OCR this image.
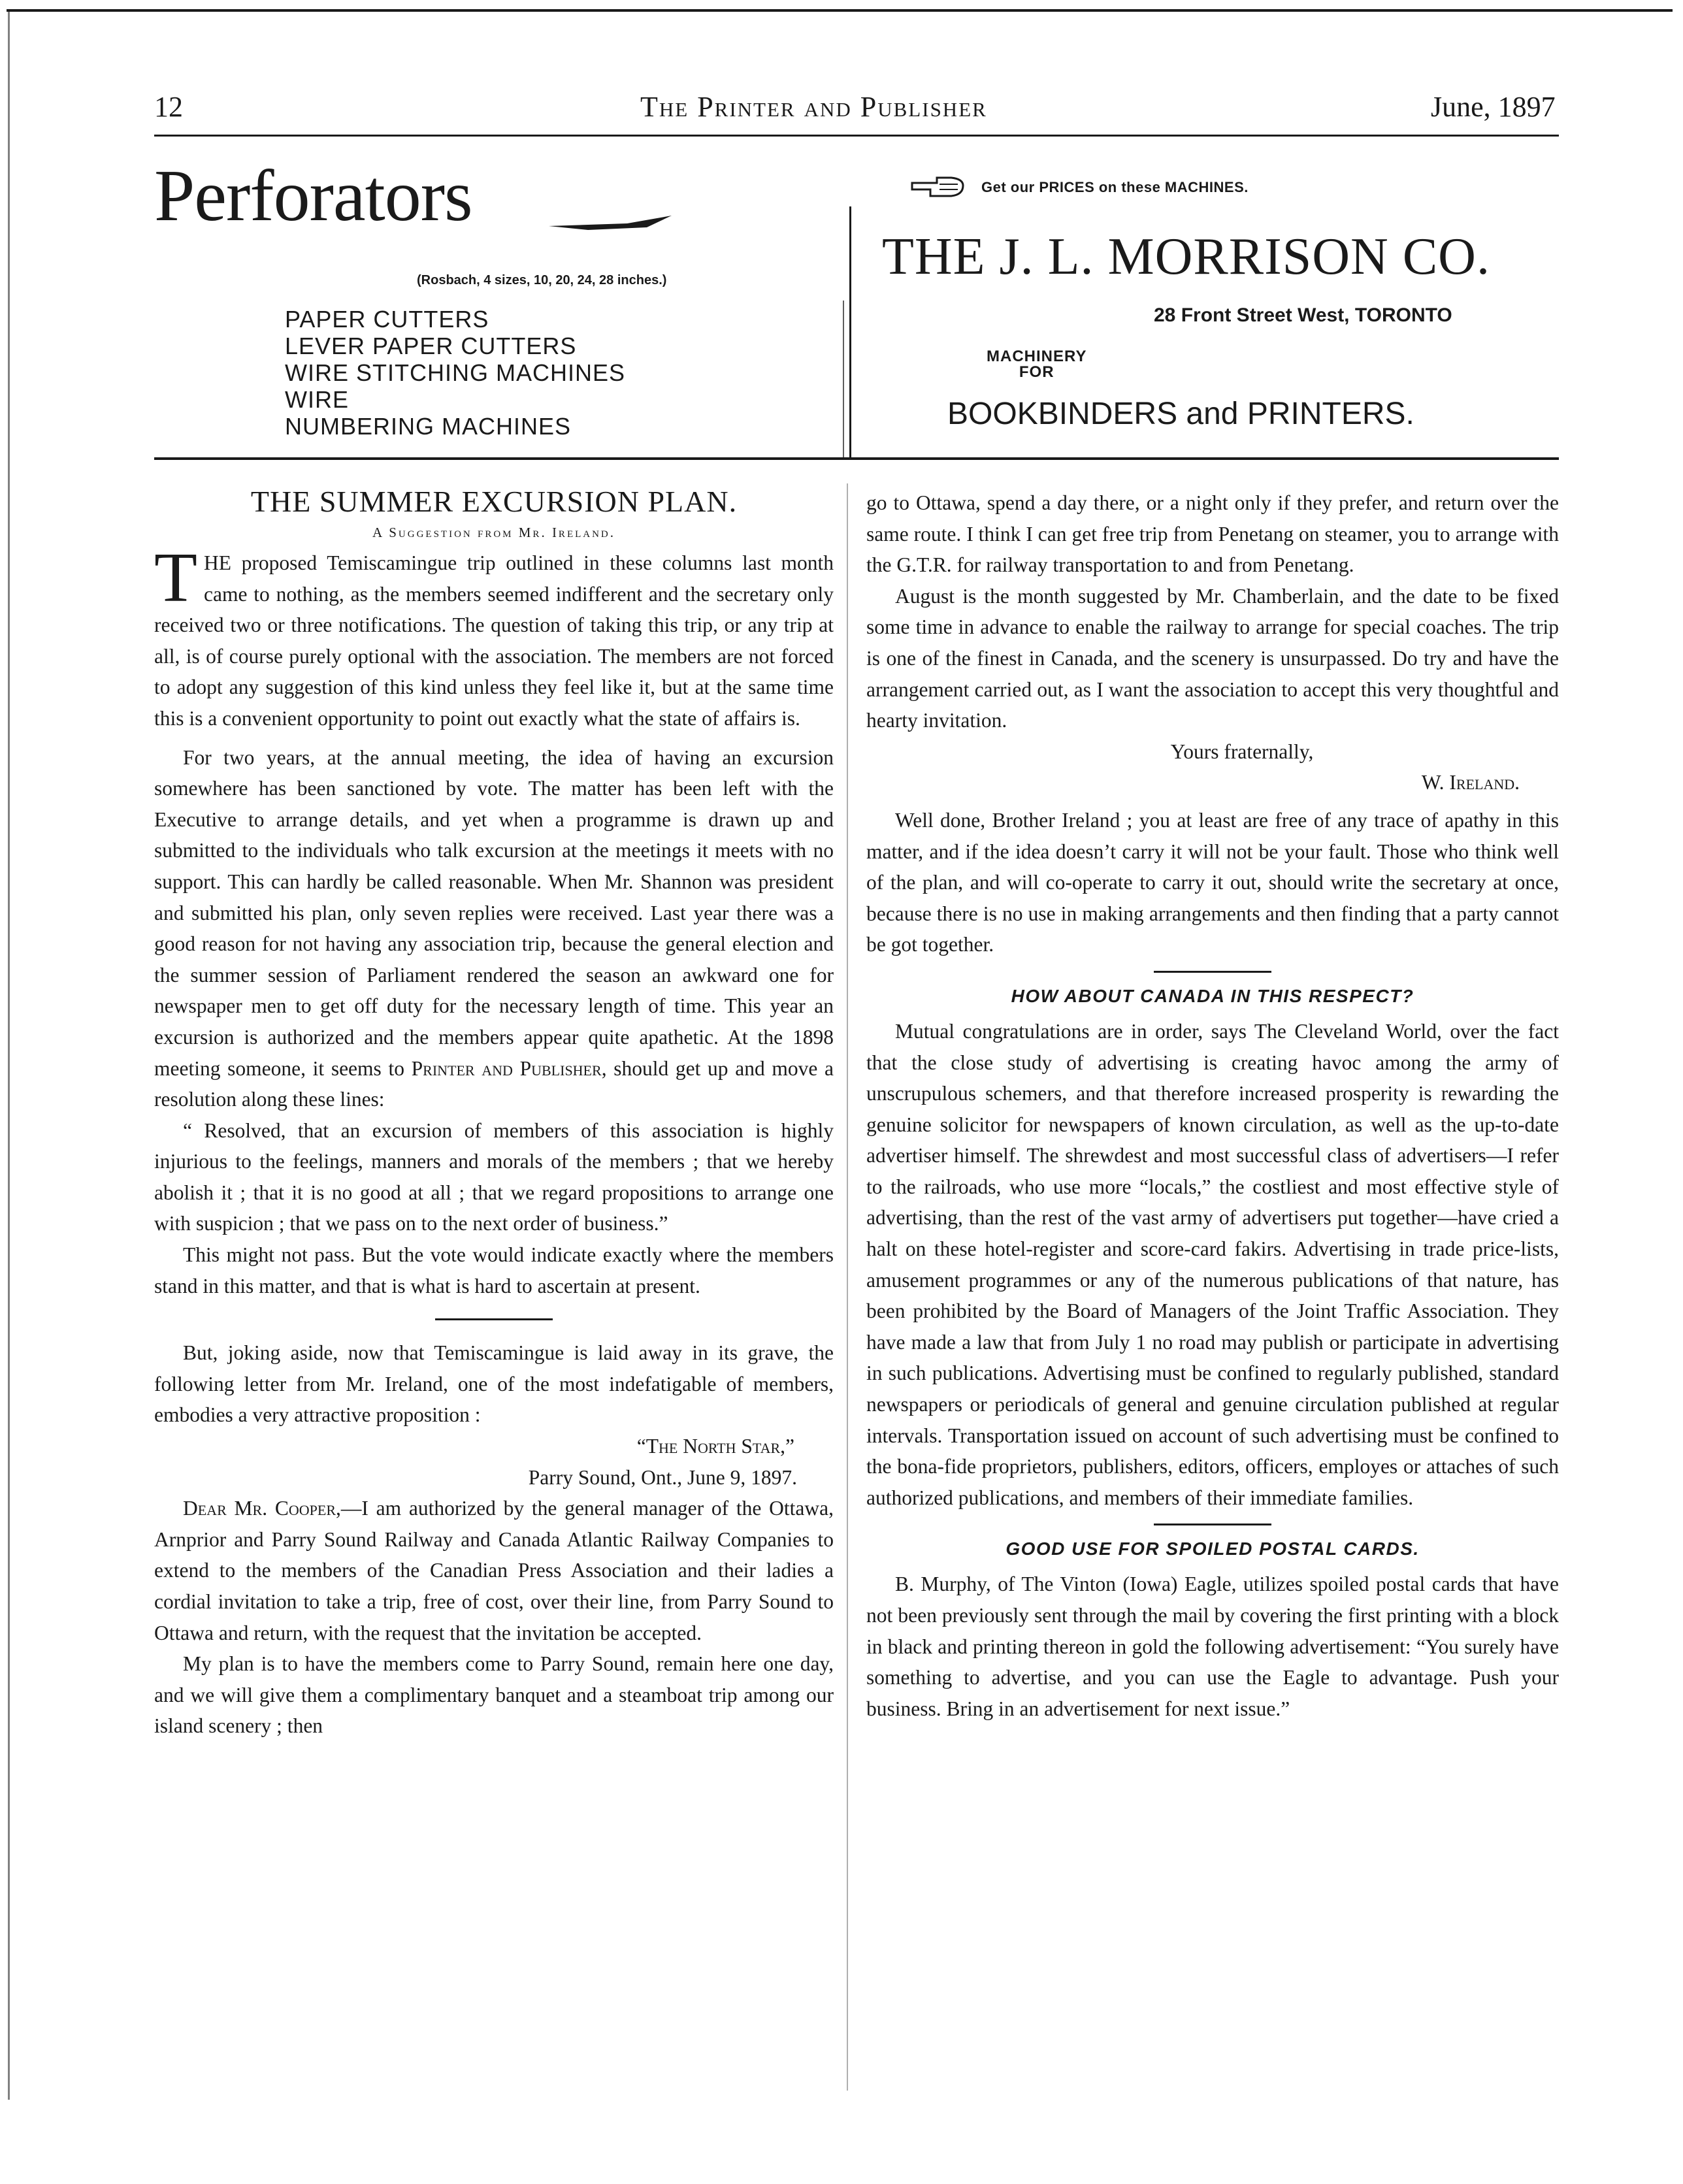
12	The Printer and Publisher	June, 1897
Perforators
(Rosbach, 4 sizes, 10, 20, 24, 28 inches.)
PAPER CUTTERS
LEVER PAPER CUTTERS
WIRE STITCHING MACHINES
WIRE
NUMBERING MACHINES
Get our PRICES on these MACHINES.
THE J. L. MORRISON CO.
28 Front Street West, TORONTO
MACHINERY
FOR
BOOKBINDERS and PRINTERS.
THE SUMMER EXCURSION PLAN.
A Suggestion from Mr. Ireland.

THE proposed Temiscamingue trip outlined in these columns last month came to nothing, as the members seemed indifferent and the secretary only received two or three notifications. The question of taking this trip, or any trip at all, is of course purely optional with the association. The members are not forced to adopt any suggestion of this kind unless they feel like it, but at the same time this is a convenient opportunity to point out exactly what the state of affairs is.

For two years, at the annual meeting, the idea of having an excursion somewhere has been sanctioned by vote. The matter has been left with the Executive to arrange details, and yet when a programme is drawn up and submitted to the individuals who talk excursion at the meetings it meets with no support. This can hardly be called reasonable. When Mr. Shannon was president and submitted his plan, only seven replies were received. Last year there was a good reason for not having any association trip, because the general election and the summer session of Parliament rendered the season an awkward one for newspaper men to get off duty for the necessary length of time. This year an excursion is authorized and the members appear quite apathetic. At the 1898 meeting someone, it seems to Printer and Publisher, should get up and move a resolution along these lines:

“ Resolved, that an excursion of members of this association is highly injurious to the feelings, manners and morals of the members ; that we hereby abolish it ; that it is no good at all ; that we regard propositions to arrange one with suspicion ; that we pass on to the next order of business.”

This might not pass. But the vote would indicate exactly where the members stand in this matter, and that is what is hard to ascertain at present.

But, joking aside, now that Temiscamingue is laid away in its grave, the following letter from Mr. Ireland, one of the most indefatigable of members, embodies a very attractive proposition :

“The North Star,”
Parry Sound, Ont., June 9, 1897.

Dear Mr. Cooper,—I am authorized by the general manager of the Ottawa, Arnprior and Parry Sound Railway and Canada Atlantic Railway Companies to extend to the members of the Canadian Press Association and their ladies a cordial invitation to take a trip, free of cost, over their line, from Parry Sound to Ottawa and return, with the request that the invitation be accepted.

My plan is to have the members come to Parry Sound, remain here one day, and we will give them a complimentary banquet and a steamboat trip among our island scenery ; then

go to Ottawa, spend a day there, or a night only if they prefer, and return over the same route. I think I can get free trip from Penetang on steamer, you to arrange with the G.T.R. for railway transportation to and from Penetang.

August is the month suggested by Mr. Chamberlain, and the date to be fixed some time in advance to enable the railway to arrange for special coaches. The trip is one of the finest in Canada, and the scenery is unsurpassed. Do try and have the arrangement carried out, as I want the association to accept this very thoughtful and hearty invitation.

Yours fraternally,
W. Ireland.

Well done, Brother Ireland ; you at least are free of any trace of apathy in this matter, and if the idea doesn’t carry it will not be your fault. Those who think well of the plan, and will co-operate to carry it out, should write the secretary at once, because there is no use in making arrangements and then finding that a party cannot be got together.

HOW ABOUT CANADA IN THIS RESPECT?

Mutual congratulations are in order, says The Cleveland World, over the fact that the close study of advertising is creating havoc among the army of unscrupulous schemers, and that therefore increased prosperity is rewarding the genuine solicitor for newspapers of known circulation, as well as the up-to-date advertiser himself. The shrewdest and most successful class of advertisers—I refer to the railroads, who use more “locals,” the costliest and most effective style of advertising, than the rest of the vast army of advertisers put together—have cried a halt on these hotel-register and score-card fakirs. Advertising in trade price-lists, amusement programmes or any of the numerous publications of that nature, has been prohibited by the Board of Managers of the Joint Traffic Association. They have made a law that from July 1 no road may publish or participate in advertising in such publications. Advertising must be confined to regularly published, standard newspapers or periodicals of general and genuine circulation published at regular intervals. Transportation issued on account of such advertising must be confined to the bona-fide proprietors, publishers, editors, officers, employes or attaches of such authorized publications, and members of their immediate families.

GOOD USE FOR SPOILED POSTAL CARDS.

B. Murphy, of The Vinton (Iowa) Eagle, utilizes spoiled postal cards that have not been previously sent through the mail by covering the first printing with a block in black and printing thereon in gold the following advertisement: “You surely have something to advertise, and you can use the Eagle to advantage. Push your business. Bring in an advertisement for next issue.”
